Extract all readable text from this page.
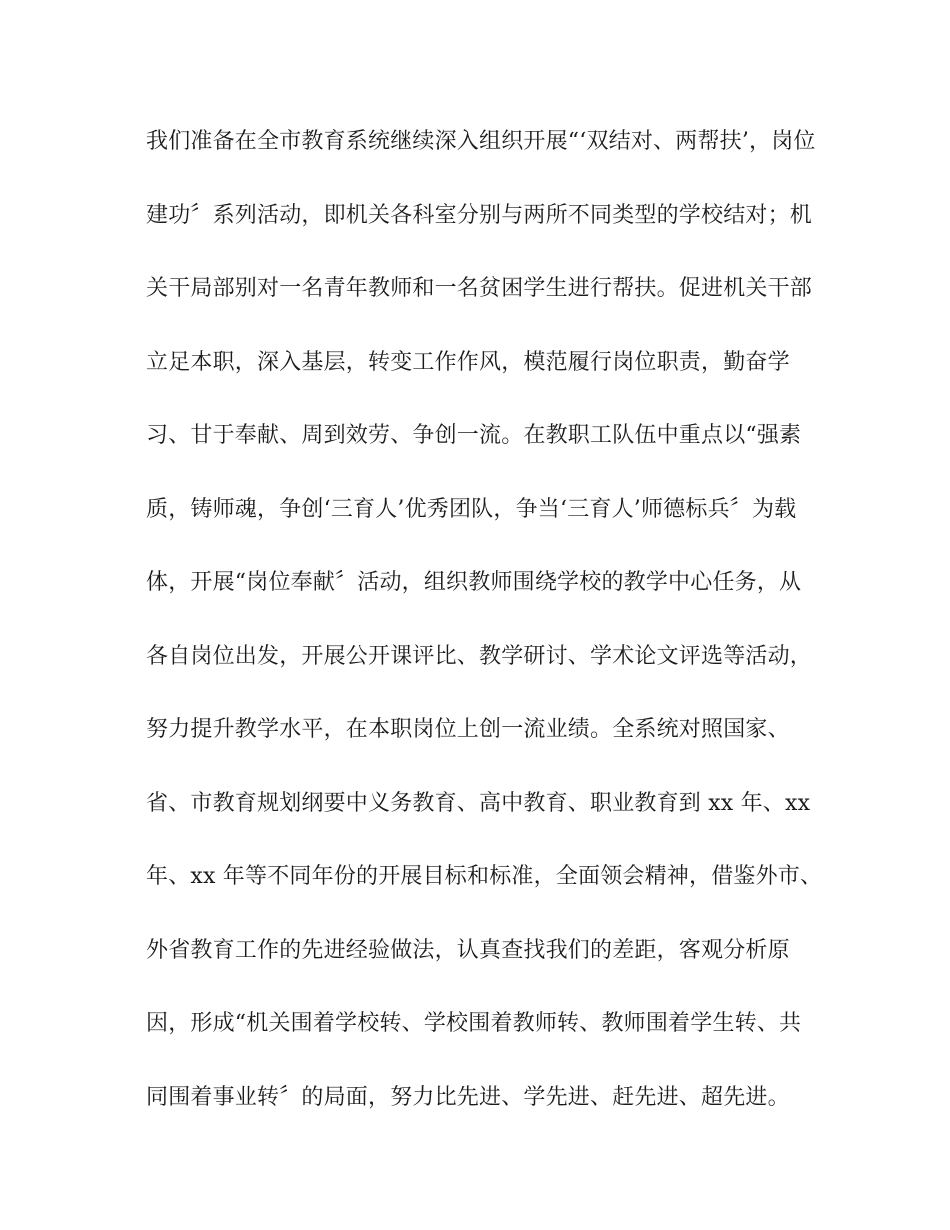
我们准备在全市教育系统继续深入组织开展“‘双结对、两帮扶’，岗位
建功〞系列活动，即机关各科室分别与两所不同类型的学校结对；机
关干局部别对一名青年教师和一名贫困学生进行帮扶。促进机关干部
立足本职，深入基层，转变工作作风，模范履行岗位职责，勤奋学
习、甘于奉献、周到效劳、争创一流。在教职工队伍中重点以“强素
质，铸师魂，争创‘三育人’优秀团队，争当‘三育人’师德标兵〞为载
体，开展“岗位奉献〞活动，组织教师围绕学校的教学中心任务，从
各自岗位出发，开展公开课评比、教学研讨、学术论文评选等活动，
努力提升教学水平，在本职岗位上创一流业绩。全系统对照国家、
省、市教育规划纲要中义务教育、高中教育、职业教育到 xx 年、xx
年、xx 年等不同年份的开展目标和标准，全面领会精神，借鉴外市、
外省教育工作的先进经验做法，认真查找我们的差距，客观分析原
因，形成“机关围着学校转、学校围着教师转、教师围着学生转、共
同围着事业转〞的局面，努力比先进、学先进、赶先进、超先进。
